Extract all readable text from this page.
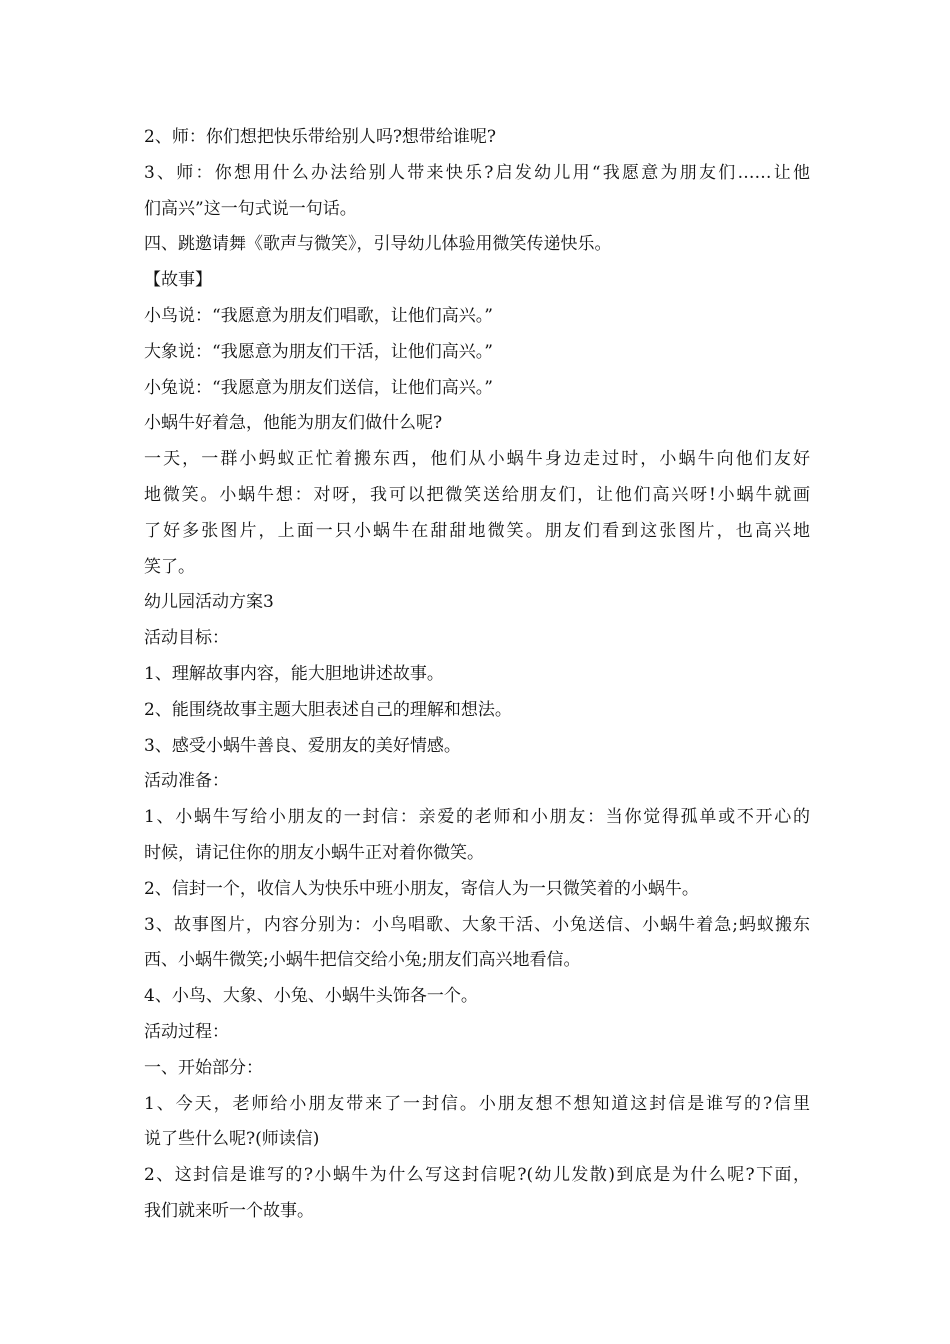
2、师：你们想把快乐带给别人吗?想带给谁呢?
3、师：你想用什么办法给别人带来快乐?启发幼儿用“我愿意为朋友们……让他
们高兴”这一句式说一句话。
四、跳邀请舞《歌声与微笑》，引导幼儿体验用微笑传递快乐。
【故事】
小鸟说：“我愿意为朋友们唱歌，让他们高兴。”
大象说：“我愿意为朋友们干活，让他们高兴。”
小兔说：“我愿意为朋友们送信，让他们高兴。”
小蜗牛好着急，他能为朋友们做什么呢?
一天，一群小蚂蚁正忙着搬东西，他们从小蜗牛身边走过时，小蜗牛向他们友好
地微笑。小蜗牛想：对呀，我可以把微笑送给朋友们，让他们高兴呀!小蜗牛就画
了好多张图片，上面一只小蜗牛在甜甜地微笑。朋友们看到这张图片，也高兴地
笑了。
幼儿园活动方案3
活动目标：
1、理解故事内容，能大胆地讲述故事。
2、能围绕故事主题大胆表述自己的理解和想法。
3、感受小蜗牛善良、爱朋友的美好情感。
活动准备：
1、小蜗牛写给小朋友的一封信：亲爱的老师和小朋友：当你觉得孤单或不开心的
时候，请记住你的朋友小蜗牛正对着你微笑。
2、信封一个，收信人为快乐中班小朋友，寄信人为一只微笑着的小蜗牛。
3、故事图片，内容分别为：小鸟唱歌、大象干活、小兔送信、小蜗牛着急;蚂蚁搬东
西、小蜗牛微笑;小蜗牛把信交给小兔;朋友们高兴地看信。
4、小鸟、大象、小兔、小蜗牛头饰各一个。
活动过程：
一、开始部分：
1、今天，老师给小朋友带来了一封信。小朋友想不想知道这封信是谁写的?信里
说了些什么呢?(师读信)
2、这封信是谁写的?小蜗牛为什么写这封信呢?(幼儿发散)到底是为什么呢?下面，
我们就来听一个故事。
